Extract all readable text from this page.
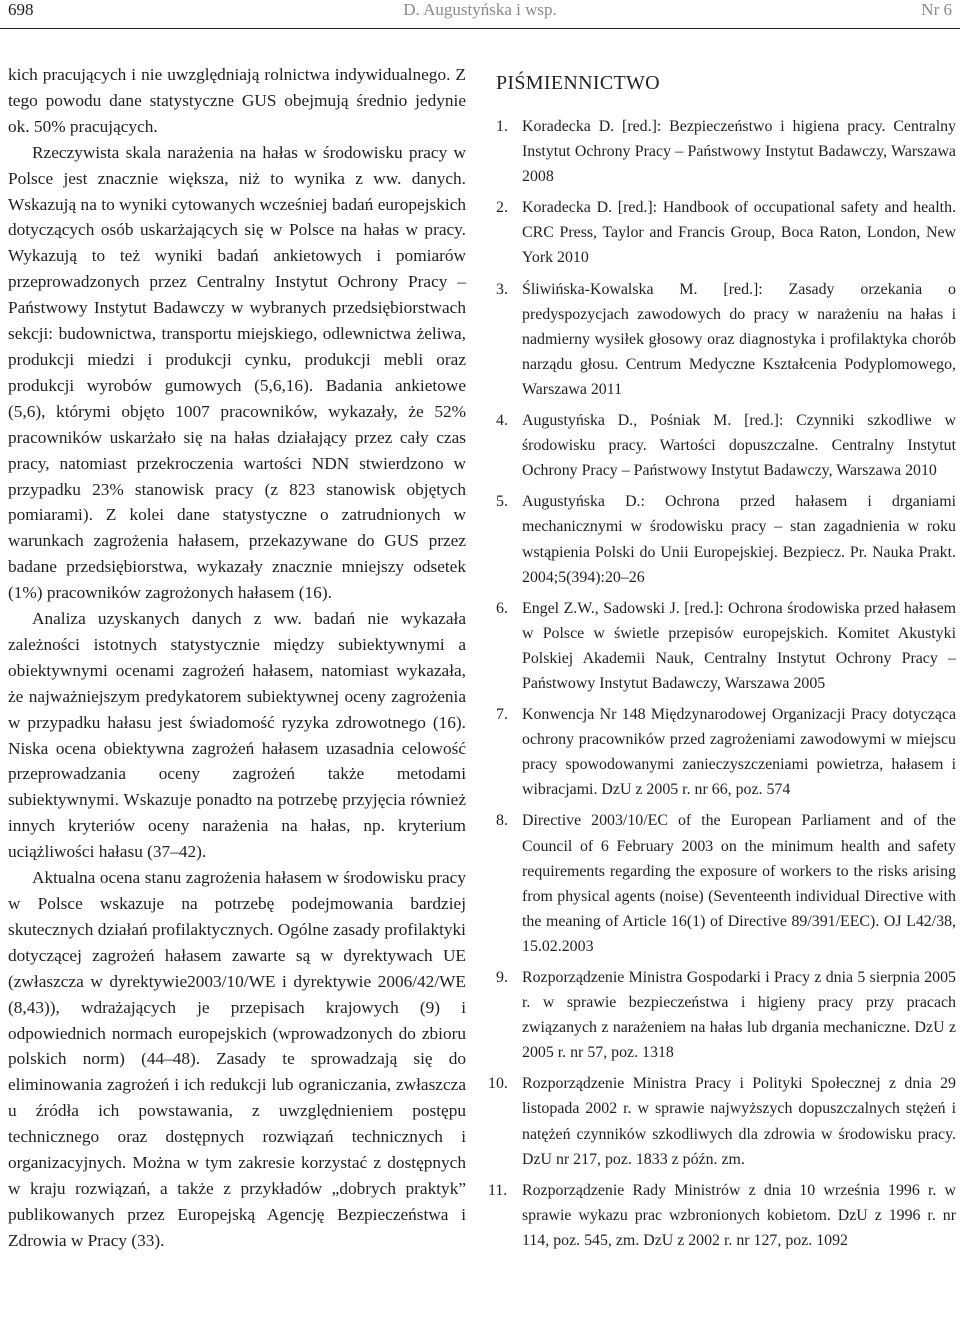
698	D. Augustyńska i wsp.	Nr 6

kich pracujących i nie uwzględniają rolnictwa indywidualnego. Z tego powodu dane statystyczne GUS obejmują średnio jedynie ok. 50% pracujących.

Rzeczywista skala narażenia na hałas w środowisku pracy w Polsce jest znacznie większa, niż to wynika z ww. danych. Wskazują na to wyniki cytowanych wcześniej badań europejskich dotyczących osób uskarżających się w Polsce na hałas w pracy. Wykazują to też wyniki badań ankietowych i pomiarów przeprowadzonych przez Centralny Instytut Ochrony Pracy – Państwowy Instytut Badawczy w wybranych przedsiębiorstwach sekcji: budownictwa, transportu miejskiego, odlewnictwa żeliwa, produkcji miedzi i produkcji cynku, produkcji mebli oraz produkcji wyrobów gumowych (5,6,16). Badania ankietowe (5,6), którymi objęto 1007 pracowników, wykazały, że 52% pracowników uskarżało się na hałas działający przez cały czas pracy, natomiast przekroczenia wartości NDN stwierdzono w przypadku 23% stanowisk pracy (z 823 stanowisk objętych pomiarami). Z kolei dane statystyczne o zatrudnionych w warunkach zagrożenia hałasem, przekazywane do GUS przez badane przedsiębiorstwa, wykazały znacznie mniejszy odsetek (1%) pracowników zagrożonych hałasem (16).

Analiza uzyskanych danych z ww. badań nie wykazała zależności istotnych statystycznie między subiektywnymi a obiektywnymi ocenami zagrożeń hałasem, natomiast wykazała, że najważniejszym predykatorem subiektywnej oceny zagrożenia w przypadku hałasu jest świadomość ryzyka zdrowotnego (16). Niska ocena obiektywna zagrożeń hałasem uzasadnia celowość przeprowadzania oceny zagrożeń także metodami subiektywnymi. Wskazuje ponadto na potrzebę przyjęcia również innych kryteriów oceny narażenia na hałas, np. kryterium uciążliwości hałasu (37–42).

Aktualna ocena stanu zagrożenia hałasem w środowisku pracy w Polsce wskazuje na potrzebę podejmowania bardziej skutecznych działań profilaktycznych. Ogólne zasady profilaktyki dotyczącej zagrożeń hałasem zawarte są w dyrektywach UE (zwłaszcza w dyrektywie2003/10/WE i dyrektywie 2006/42/WE (8,43)), wdrażających je przepisach krajowych (9) i odpowiednich normach europejskich (wprowadzonych do zbioru polskich norm) (44–48). Zasady te sprowadzają się do eliminowania zagrożeń i ich redukcji lub ograniczania, zwłaszcza u źródła ich powstawania, z uwzględnieniem postępu technicznego oraz dostępnych rozwiązań technicznych i organizacyjnych. Można w tym zakresie korzystać z dostępnych w kraju rozwiązań, a także z przykładów „dobrych praktyk” publikowanych przez Europejską Agencję Bezpieczeństwa i Zdrowia w Pracy (33).

PIŚMIENNICTWO
1. Koradecka D. [red.]: Bezpieczeństwo i higiena pracy. Centralny Instytut Ochrony Pracy – Państwowy Instytut Badawczy, Warszawa 2008
2. Koradecka D. [red.]: Handbook of occupational safety and health. CRC Press, Taylor and Francis Group, Boca Raton, London, New York 2010
3. Śliwińska-Kowalska M. [red.]: Zasady orzekania o predyspozycjach zawodowych do pracy w narażeniu na hałas i nadmierny wysiłek głosowy oraz diagnostyka i profilaktyka chorób narządu głosu. Centrum Medyczne Kształcenia Podyplomowego, Warszawa 2011
4. Augustyńska D., Pośniak M. [red.]: Czynniki szkodliwe w środowisku pracy. Wartości dopuszczalne. Centralny Instytut Ochrony Pracy – Państwowy Instytut Badawczy, Warszawa 2010
5. Augustyńska D.: Ochrona przed hałasem i drganiami mechanicznymi w środowisku pracy – stan zagadnienia w roku wstąpienia Polski do Unii Europejskiej. Bezpiecz. Pr. Nauka Prakt. 2004;5(394):20–26
6. Engel Z.W., Sadowski J. [red.]: Ochrona środowiska przed hałasem w Polsce w świetle przepisów europejskich. Komitet Akustyki Polskiej Akademii Nauk, Centralny Instytut Ochrony Pracy – Państwowy Instytut Badawczy, Warszawa 2005
7. Konwencja Nr 148 Międzynarodowej Organizacji Pracy dotycząca ochrony pracowników przed zagrożeniami zawodowymi w miejscu pracy spowodowanymi zanieczyszczeniami powietrza, hałasem i wibracjami. DzU z 2005 r. nr 66, poz. 574
8. Directive 2003/10/EC of the European Parliament and of the Council of 6 February 2003 on the minimum health and safety requirements regarding the exposure of workers to the risks arising from physical agents (noise) (Seventeenth individual Directive with the meaning of Article 16(1) of Directive 89/391/EEC). OJ L42/38, 15.02.2003
9. Rozporządzenie Ministra Gospodarki i Pracy z dnia 5 sierpnia 2005 r. w sprawie bezpieczeństwa i higieny pracy przy pracach związanych z narażeniem na hałas lub drgania mechaniczne. DzU z 2005 r. nr 57, poz. 1318
10. Rozporządzenie Ministra Pracy i Polityki Społecznej z dnia 29 listopada 2002 r. w sprawie najwyższych dopuszczalnych stężeń i natężeń czynników szkodliwych dla zdrowia w środowisku pracy. DzU nr 217, poz. 1833 z późn. zm.
11. Rozporządzenie Rady Ministrów z dnia 10 września 1996 r. w sprawie wykazu prac wzbronionych kobietom. DzU z 1996 r. nr 114, poz. 545, zm. DzU z 2002 r. nr 127, poz. 1092
